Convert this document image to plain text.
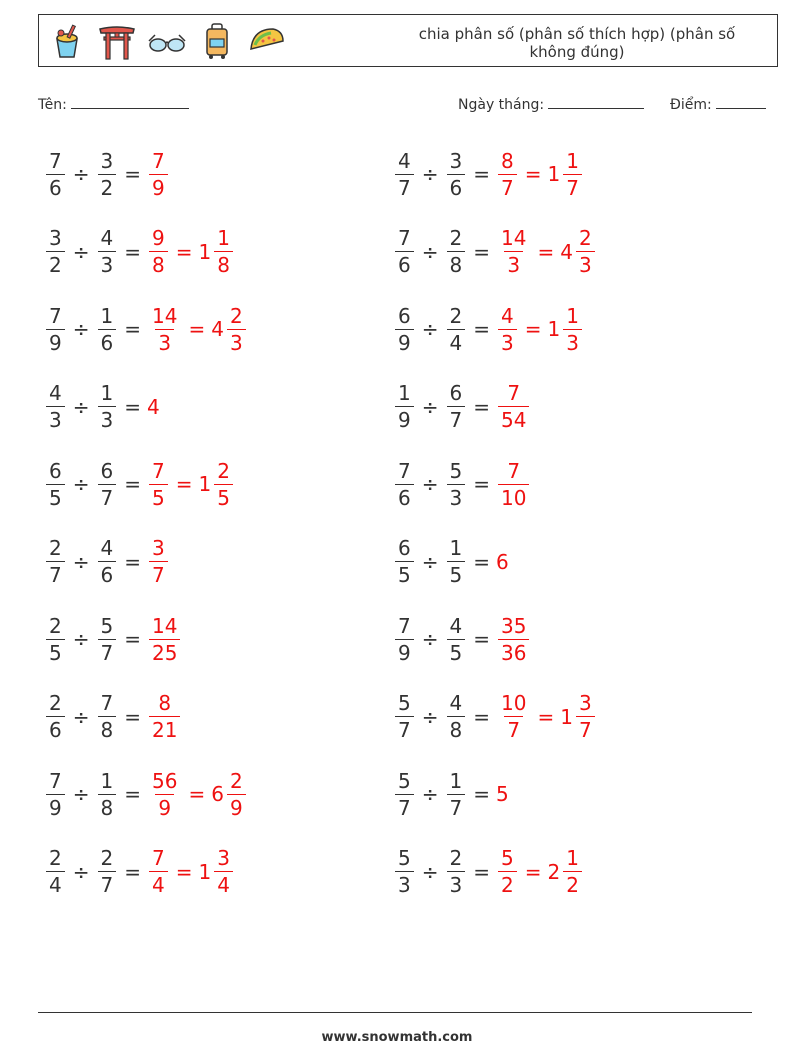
chia phân số (phân số thích hợp) (phân số không đúng)
Tên:	Ngày tháng:	Điểm:
$\frac{7}{6} \div \frac{3}{2} = \frac{7}{9}$	$\frac{4}{7} \div \frac{3}{6} = \frac{8}{7} = 1 \frac{1}{7}$
$\frac{3}{2} \div \frac{4}{3} = \frac{9}{8} = 1 \frac{1}{8}$	$\frac{7}{6} \div \frac{2}{8} = \frac{14}{3} = 4 \frac{2}{3}$
$\frac{7}{9} \div \frac{1}{6} = \frac{14}{3} = 4 \frac{2}{3}$	$\frac{6}{9} \div \frac{2}{4} = \frac{4}{3} = 1 \frac{1}{3}$
$\frac{4}{3} \div \frac{1}{3} = 4$	$\frac{1}{9} \div \frac{6}{7} = \frac{7}{54}$
$\frac{6}{5} \div \frac{6}{7} = \frac{7}{5} = 1 \frac{2}{5}$	$\frac{7}{6} \div \frac{5}{3} = \frac{7}{10}$
$\frac{2}{7} \div \frac{4}{6} = \frac{3}{7}$	$\frac{6}{5} \div \frac{1}{5} = 6$
$\frac{2}{5} \div \frac{5}{7} = \frac{14}{25}$	$\frac{7}{9} \div \frac{4}{5} = \frac{35}{36}$
$\frac{2}{6} \div \frac{7}{8} = \frac{8}{21}$	$\frac{5}{7} \div \frac{4}{8} = \frac{10}{7} = 1 \frac{3}{7}$
$\frac{7}{9} \div \frac{1}{8} = \frac{56}{9} = 6 \frac{2}{9}$	$\frac{5}{7} \div \frac{1}{7} = 5$
$\frac{2}{4} \div \frac{2}{7} = \frac{7}{4} = 1 \frac{3}{4}$	$\frac{5}{3} \div \frac{2}{3} = \frac{5}{2} = 2 \frac{1}{2}$
www.snowmath.com
